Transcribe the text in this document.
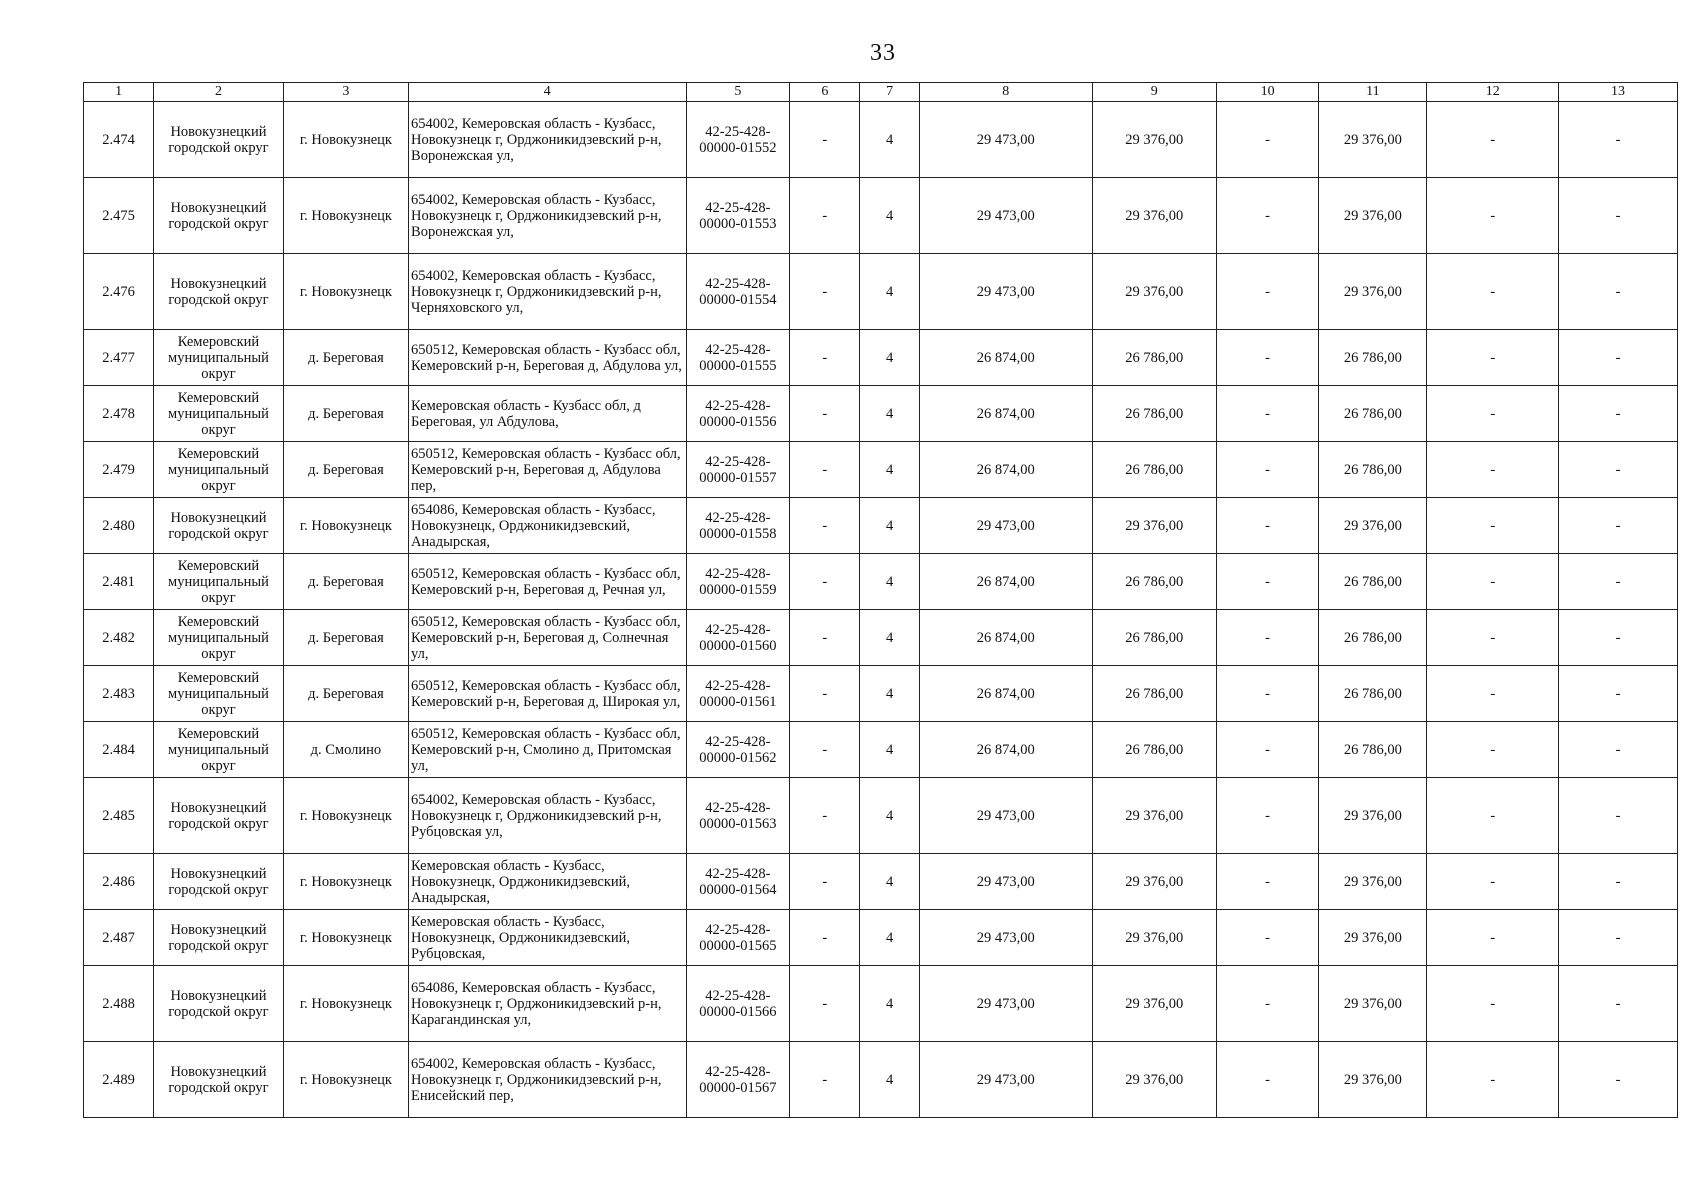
33
1	2	3	4	5	6	7	8	9	10	11	12	13
2.474	Новокузнецкий городской округ	г. Новокузнецк	654002, Кемеровская область - Кузбасс, Новокузнецк г, Орджоникидзевский р-н, Воронежская ул,	42-25-428-00000-01552	-	4	29 473,00	29 376,00	-	29 376,00	-	-
2.475	Новокузнецкий городской округ	г. Новокузнецк	654002, Кемеровская область - Кузбасс, Новокузнецк г, Орджоникидзевский р-н, Воронежская ул,	42-25-428-00000-01553	-	4	29 473,00	29 376,00	-	29 376,00	-	-
2.476	Новокузнецкий городской округ	г. Новокузнецк	654002, Кемеровская область - Кузбасс, Новокузнецк г, Орджоникидзевский р-н, Черняховского ул,	42-25-428-00000-01554	-	4	29 473,00	29 376,00	-	29 376,00	-	-
2.477	Кемеровский муниципальный округ	д. Береговая	650512, Кемеровская область - Кузбасс обл, Кемеровский р-н, Береговая д, Абдулова ул,	42-25-428-00000-01555	-	4	26 874,00	26 786,00	-	26 786,00	-	-
2.478	Кемеровский муниципальный округ	д. Береговая	Кемеровская область - Кузбасс обл, д Береговая, ул Абдулова,	42-25-428-00000-01556	-	4	26 874,00	26 786,00	-	26 786,00	-	-
2.479	Кемеровский муниципальный округ	д. Береговая	650512, Кемеровская область - Кузбасс обл, Кемеровский р-н, Береговая д, Абдулова пер,	42-25-428-00000-01557	-	4	26 874,00	26 786,00	-	26 786,00	-	-
2.480	Новокузнецкий городской округ	г. Новокузнецк	654086, Кемеровская область - Кузбасс, Новокузнецк, Орджоникидзевский, Анадырская,	42-25-428-00000-01558	-	4	29 473,00	29 376,00	-	29 376,00	-	-
2.481	Кемеровский муниципальный округ	д. Береговая	650512, Кемеровская область - Кузбасс обл, Кемеровский р-н, Береговая д, Речная ул,	42-25-428-00000-01559	-	4	26 874,00	26 786,00	-	26 786,00	-	-
2.482	Кемеровский муниципальный округ	д. Береговая	650512, Кемеровская область - Кузбасс обл, Кемеровский р-н, Береговая д, Солнечная ул,	42-25-428-00000-01560	-	4	26 874,00	26 786,00	-	26 786,00	-	-
2.483	Кемеровский муниципальный округ	д. Береговая	650512, Кемеровская область - Кузбасс обл, Кемеровский р-н, Береговая д, Широкая ул,	42-25-428-00000-01561	-	4	26 874,00	26 786,00	-	26 786,00	-	-
2.484	Кемеровский муниципальный округ	д. Смолино	650512, Кемеровская область - Кузбасс обл, Кемеровский р-н, Смолино д, Притомская ул,	42-25-428-00000-01562	-	4	26 874,00	26 786,00	-	26 786,00	-	-
2.485	Новокузнецкий городской округ	г. Новокузнецк	654002, Кемеровская область - Кузбасс, Новокузнецк г, Орджоникидзевский р-н, Рубцовская ул,	42-25-428-00000-01563	-	4	29 473,00	29 376,00	-	29 376,00	-	-
2.486	Новокузнецкий городской округ	г. Новокузнецк	Кемеровская область - Кузбасс, Новокузнецк, Орджоникидзевский, Анадырская,	42-25-428-00000-01564	-	4	29 473,00	29 376,00	-	29 376,00	-	-
2.487	Новокузнецкий городской округ	г. Новокузнецк	Кемеровская область - Кузбасс, Новокузнецк, Орджоникидзевский, Рубцовская,	42-25-428-00000-01565	-	4	29 473,00	29 376,00	-	29 376,00	-	-
2.488	Новокузнецкий городской округ	г. Новокузнецк	654086, Кемеровская область - Кузбасс, Новокузнецк г, Орджоникидзевский р-н, Карагандинская ул,	42-25-428-00000-01566	-	4	29 473,00	29 376,00	-	29 376,00	-	-
2.489	Новокузнецкий городской округ	г. Новокузнецк	654002, Кемеровская область - Кузбасс, Новокузнецк г, Орджоникидзевский р-н, Енисейский пер,	42-25-428-00000-01567	-	4	29 473,00	29 376,00	-	29 376,00	-	-
